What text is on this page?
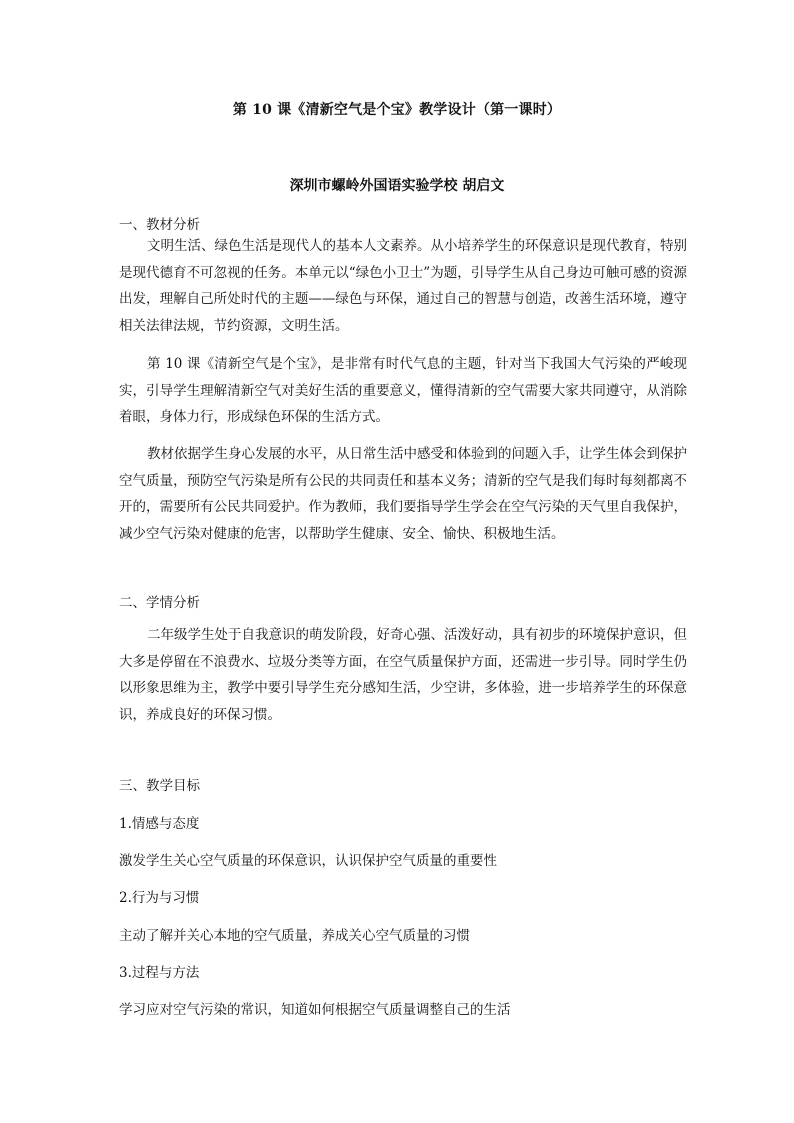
第 10 课《清新空气是个宝》教学设计（第一课时）
深圳市螺岭外国语实验学校 胡启文
一、教材分析

文明生活、绿色生活是现代人的基本人文素养。从小培养学生的环保意识是现代教育，特别是现代德育不可忽视的任务。本单元以“绿色小卫士”为题，引导学生从自己身边可触可感的资源出发，理解自己所处时代的主题——绿色与环保，通过自己的智慧与创造，改善生活环境，遵守相关法律法规，节约资源，文明生活。

第 10 课《清新空气是个宝》，是非常有时代气息的主题，针对当下我国大气污染的严峻现实，引导学生理解清新空气对美好生活的重要意义，懂得清新的空气需要大家共同遵守，从消除着眼，身体力行，形成绿色环保的生活方式。

教材依据学生身心发展的水平，从日常生活中感受和体验到的问题入手，让学生体会到保护空气质量，预防空气污染是所有公民的共同责任和基本义务；清新的空气是我们每时每刻都离不开的，需要所有公民共同爱护。作为教师，我们要指导学生学会在空气污染的天气里自我保护，减少空气污染对健康的危害，以帮助学生健康、安全、愉快、积极地生活。

二、学情分析

二年级学生处于自我意识的萌发阶段，好奇心强、活泼好动，具有初步的环境保护意识，但大多是停留在不浪费水、垃圾分类等方面，在空气质量保护方面，还需进一步引导。同时学生仍以形象思维为主，教学中要引导学生充分感知生活，少空讲，多体验，进一步培养学生的环保意识，养成良好的环保习惯。

三、教学目标
1.情感与态度
激发学生关心空气质量的环保意识，认识保护空气质量的重要性
2.行为与习惯
主动了解并关心本地的空气质量，养成关心空气质量的习惯
3.过程与方法
学习应对空气污染的常识，知道如何根据空气质量调整自己的生活
